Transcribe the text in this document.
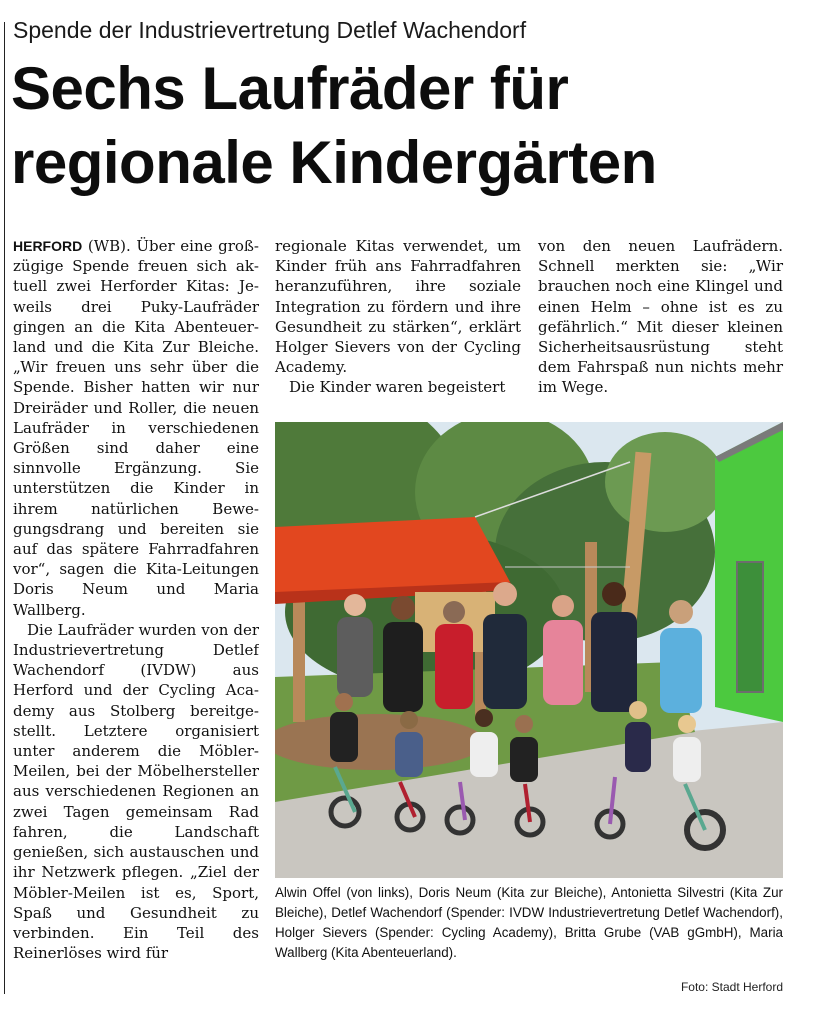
Spende der Industrievertretung Detlef Wachendorf
Sechs Laufräder für
regionale Kindergärten

HERFORD (WB). Über eine großzügige Spende freuen sich aktuell zwei Herforder Kitas: Jeweils drei Puky-Laufräder gingen an die Kita Abenteuerland und die Kita Zur Bleiche. „Wir freuen uns sehr über die Spende. Bisher hatten wir nur Dreiräder und Roller, die neuen Laufräder in verschiedenen Größen sind daher eine sinnvolle Ergänzung. Sie unterstützen die Kinder in ihrem natürlichen Bewegungsdrang und bereiten sie auf das spätere Fahrradfahren vor“, sagen die Kita-Leitungen Doris Neum und Maria Wallberg.

Die Laufräder wurden von der Industrievertretung Detlef Wachendorf (IVDW) aus Herford und der Cycling Academy aus Stolberg bereitgestellt. Letztere organisiert unter anderem die Möbler-Meilen, bei der Möbelhersteller aus verschiedenen Regionen an zwei Tagen gemeinsam Rad fahren, die Landschaft genießen, sich austauschen und ihr Netzwerk pflegen. „Ziel der Möbler-Meilen ist es, Sport, Spaß und Gesundheit zu verbinden. Ein Teil des Reinerlöses wird für

regionale Kitas verwendet, um Kinder früh ans Fahrradfahren heranzuführen, ihre soziale Integration zu fördern und ihre Gesundheit zu stärken“, erklärt Holger Sievers von der Cycling Academy.

Die Kinder waren begeistert

von den neuen Laufrädern. Schnell merkten sie: „Wir brauchen noch eine Klingel und einen Helm – ohne ist es zu gefährlich.“ Mit dieser kleinen Sicherheitsausrüstung steht dem Fahrspaß nun nichts mehr im Wege.

Alwin Offel (von links), Doris Neum (Kita zur Bleiche), Antonietta Silvestri (Kita Zur Bleiche), Detlef Wachendorf (Spender: IVDW Industrievertretung Detlef Wachendorf), Holger Sievers (Spender: Cycling Academy), Britta Grube (VAB gGmbH), Maria Wallberg (Kita Abenteuerland).
Foto: Stadt Herford
